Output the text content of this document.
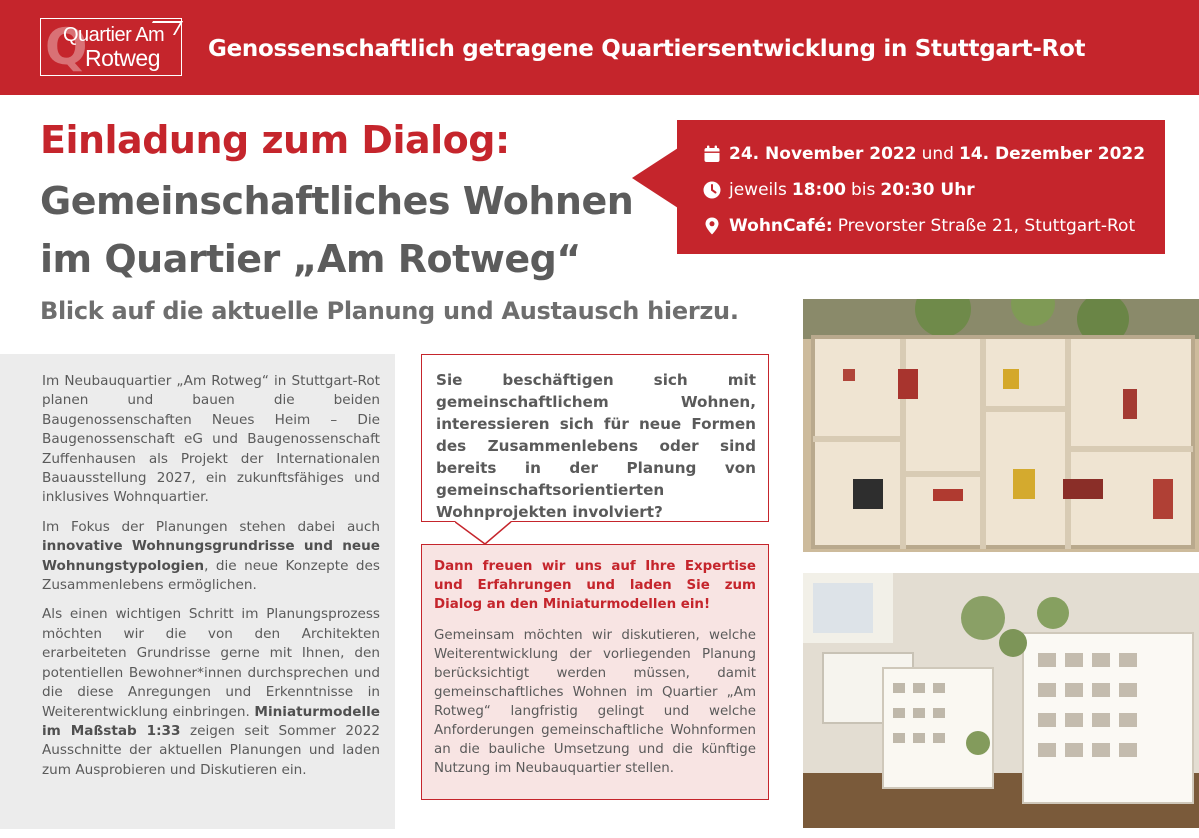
Q
Quartier Am
Rotweg Genossenschaftlich getragene Quartiersentwicklung in Stuttgart-Rot
Einladung zum Dialog:
Gemeinschaftliches Wohnen
im Quartier „Am Rotweg“
Blick auf die aktuelle Planung und Austausch hierzu.
24. November 2022 und 14. Dezember 2022
jeweils 18:00 bis 20:30 Uhr
WohnCafé: Prevorster Straße 21, Stuttgart-Rot

Im Neubauquartier „Am Rotweg“ in Stuttgart-Rot planen und bauen die beiden Baugenossenschaften Neues Heim – Die Baugenossenschaft eG und Baugenossenschaft Zuffenhausen als Projekt der Internationalen Bauausstellung 2027, ein zukunftsfähiges und inklusives Wohnquartier.

Im Fokus der Planungen stehen dabei auch innovative Wohnungsgrundrisse und neue Wohnungstypologien, die neue Konzepte des Zusammenlebens ermöglichen.

Als einen wichtigen Schritt im Planungsprozess möchten wir die von den Architekten erarbeiteten Grundrisse gerne mit Ihnen, den potentiellen Bewohner*innen durchsprechen und die diese Anregungen und Erkenntnisse in Weiterentwicklung einbringen. Miniaturmodelle im Maßstab 1:33 zeigen seit Sommer 2022 Ausschnitte der aktuellen Planungen und laden zum Ausprobieren und Diskutieren ein.

Sie beschäftigen sich mit gemeinschaftlichem Wohnen, interessieren sich für neue Formen des Zusammenlebens oder sind bereits in der Planung von gemeinschaftsorientierten Wohnprojekten involviert?
Dann freuen wir uns auf Ihre Expertise und Erfahrungen und laden Sie zum Dialog an den Miniaturmodellen ein!
Gemeinsam möchten wir diskutieren, welche Weiterentwicklung der vorliegenden Planung berücksichtigt werden müssen, damit gemeinschaftliches Wohnen im Quartier „Am Rotweg“ langfristig gelingt und welche Anforderungen gemeinschaftliche Wohnformen an die bauliche Umsetzung und die künftige Nutzung im Neubauquartier stellen.
